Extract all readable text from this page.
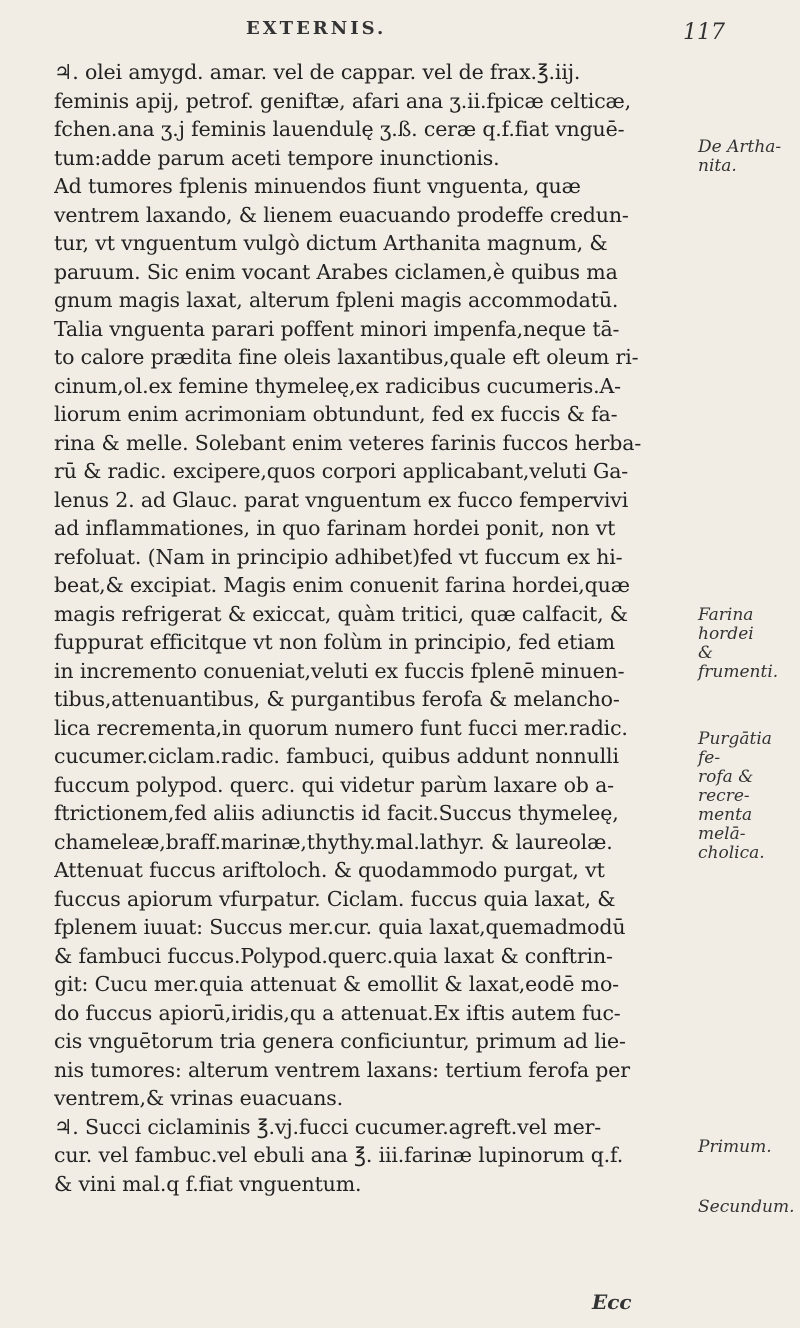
EXTERNIS.	117
♃. olei amygd. amar. vel de cappar. vel de frax.℥.iij.
feminis apij, petrof. geniftæ, afari ana ʒ.ii.fpicæ celticæ,
fchen.ana ʒ.j feminis lauendulę ʒ.ß. ceræ q.f.fiat vnguē-
tum:adde parum aceti tempore inunctionis.
Ad tumores fplenis minuendos fiunt vnguenta, quæ
ventrem laxando, & lienem euacuando prodeffe credun-
tur, vt vnguentum vulgò dictum Arthanita magnum, &
paruum. Sic enim vocant Arabes ciclamen,è quibus ma
gnum magis laxat, alterum fpleni magis accommodatū.
Talia vnguenta parari poffent minori impenfa,neque tā-
to calore prædita fine oleis laxantibus,quale eft oleum ri-
cinum,ol.ex femine thymeleę,ex radicibus cucumeris.A-
liorum enim acrimoniam obtundunt, fed ex fuccis & fa-
rina & melle. Solebant enim veteres farinis fuccos herba-
rū & radic. excipere,quos corpori applicabant,veluti Ga-
lenus 2. ad Glauc. parat vnguentum ex fucco fempervivi
ad inflammationes, in quo farinam hordei ponit, non vt
refoluat. (Nam in principio adhibet)fed vt fuccum ex hi-
beat,& excipiat. Magis enim conuenit farina hordei,quæ
magis refrigerat & exiccat, quàm tritici, quæ calfacit, &
fuppurat efficitque vt non folùm in principio, fed etiam
in incremento conueniat,veluti ex fuccis fplenē minuen-
tibus,attenuantibus, & purgantibus ferofa & melancho-
lica recrementa,in quorum numero funt fucci mer.radic.
cucumer.ciclam.radic. fambuci, quibus addunt nonnulli
fuccum polypod. querc. qui videtur parùm laxare ob a-
ftrictionem,fed aliis adiunctis id facit.Succus thymeleę,
chameleæ,braff.marinæ,thythy.mal.lathyr. & laureolæ.
Attenuat fuccus ariftoloch. & quodammodo purgat, vt
fuccus apiorum vfurpatur. Ciclam. fuccus quia laxat, &
fplenem iuuat: Succus mer.cur. quia laxat,quemadmodū
& fambuci fuccus.Polypod.querc.quia laxat & conftrin-
git: Cucu mer.quia attenuat & emollit & laxat,eodē mo-
do fuccus apiorū,iridis,qu a attenuat.Ex iftis autem fuc-
cis vnguētorum tria genera conficiuntur, primum ad lie-
nis tumores: alterum ventrem laxans: tertium ferofa per
ventrem,& vrinas euacuans.
♃. Succi ciclaminis ℥.vj.fucci cucumer.agreft.vel mer-
cur. vel fambuc.vel ebuli ana ℥. iii.farinæ lupinorum q.f.
& vini mal.q f.fiat vnguentum.
De Artha-
nita.
Farina hordei
& frumenti.
Purgātia fe-
rofa & recre-
menta melā-
cholica.
Primum.
Secundum.
Ecc
